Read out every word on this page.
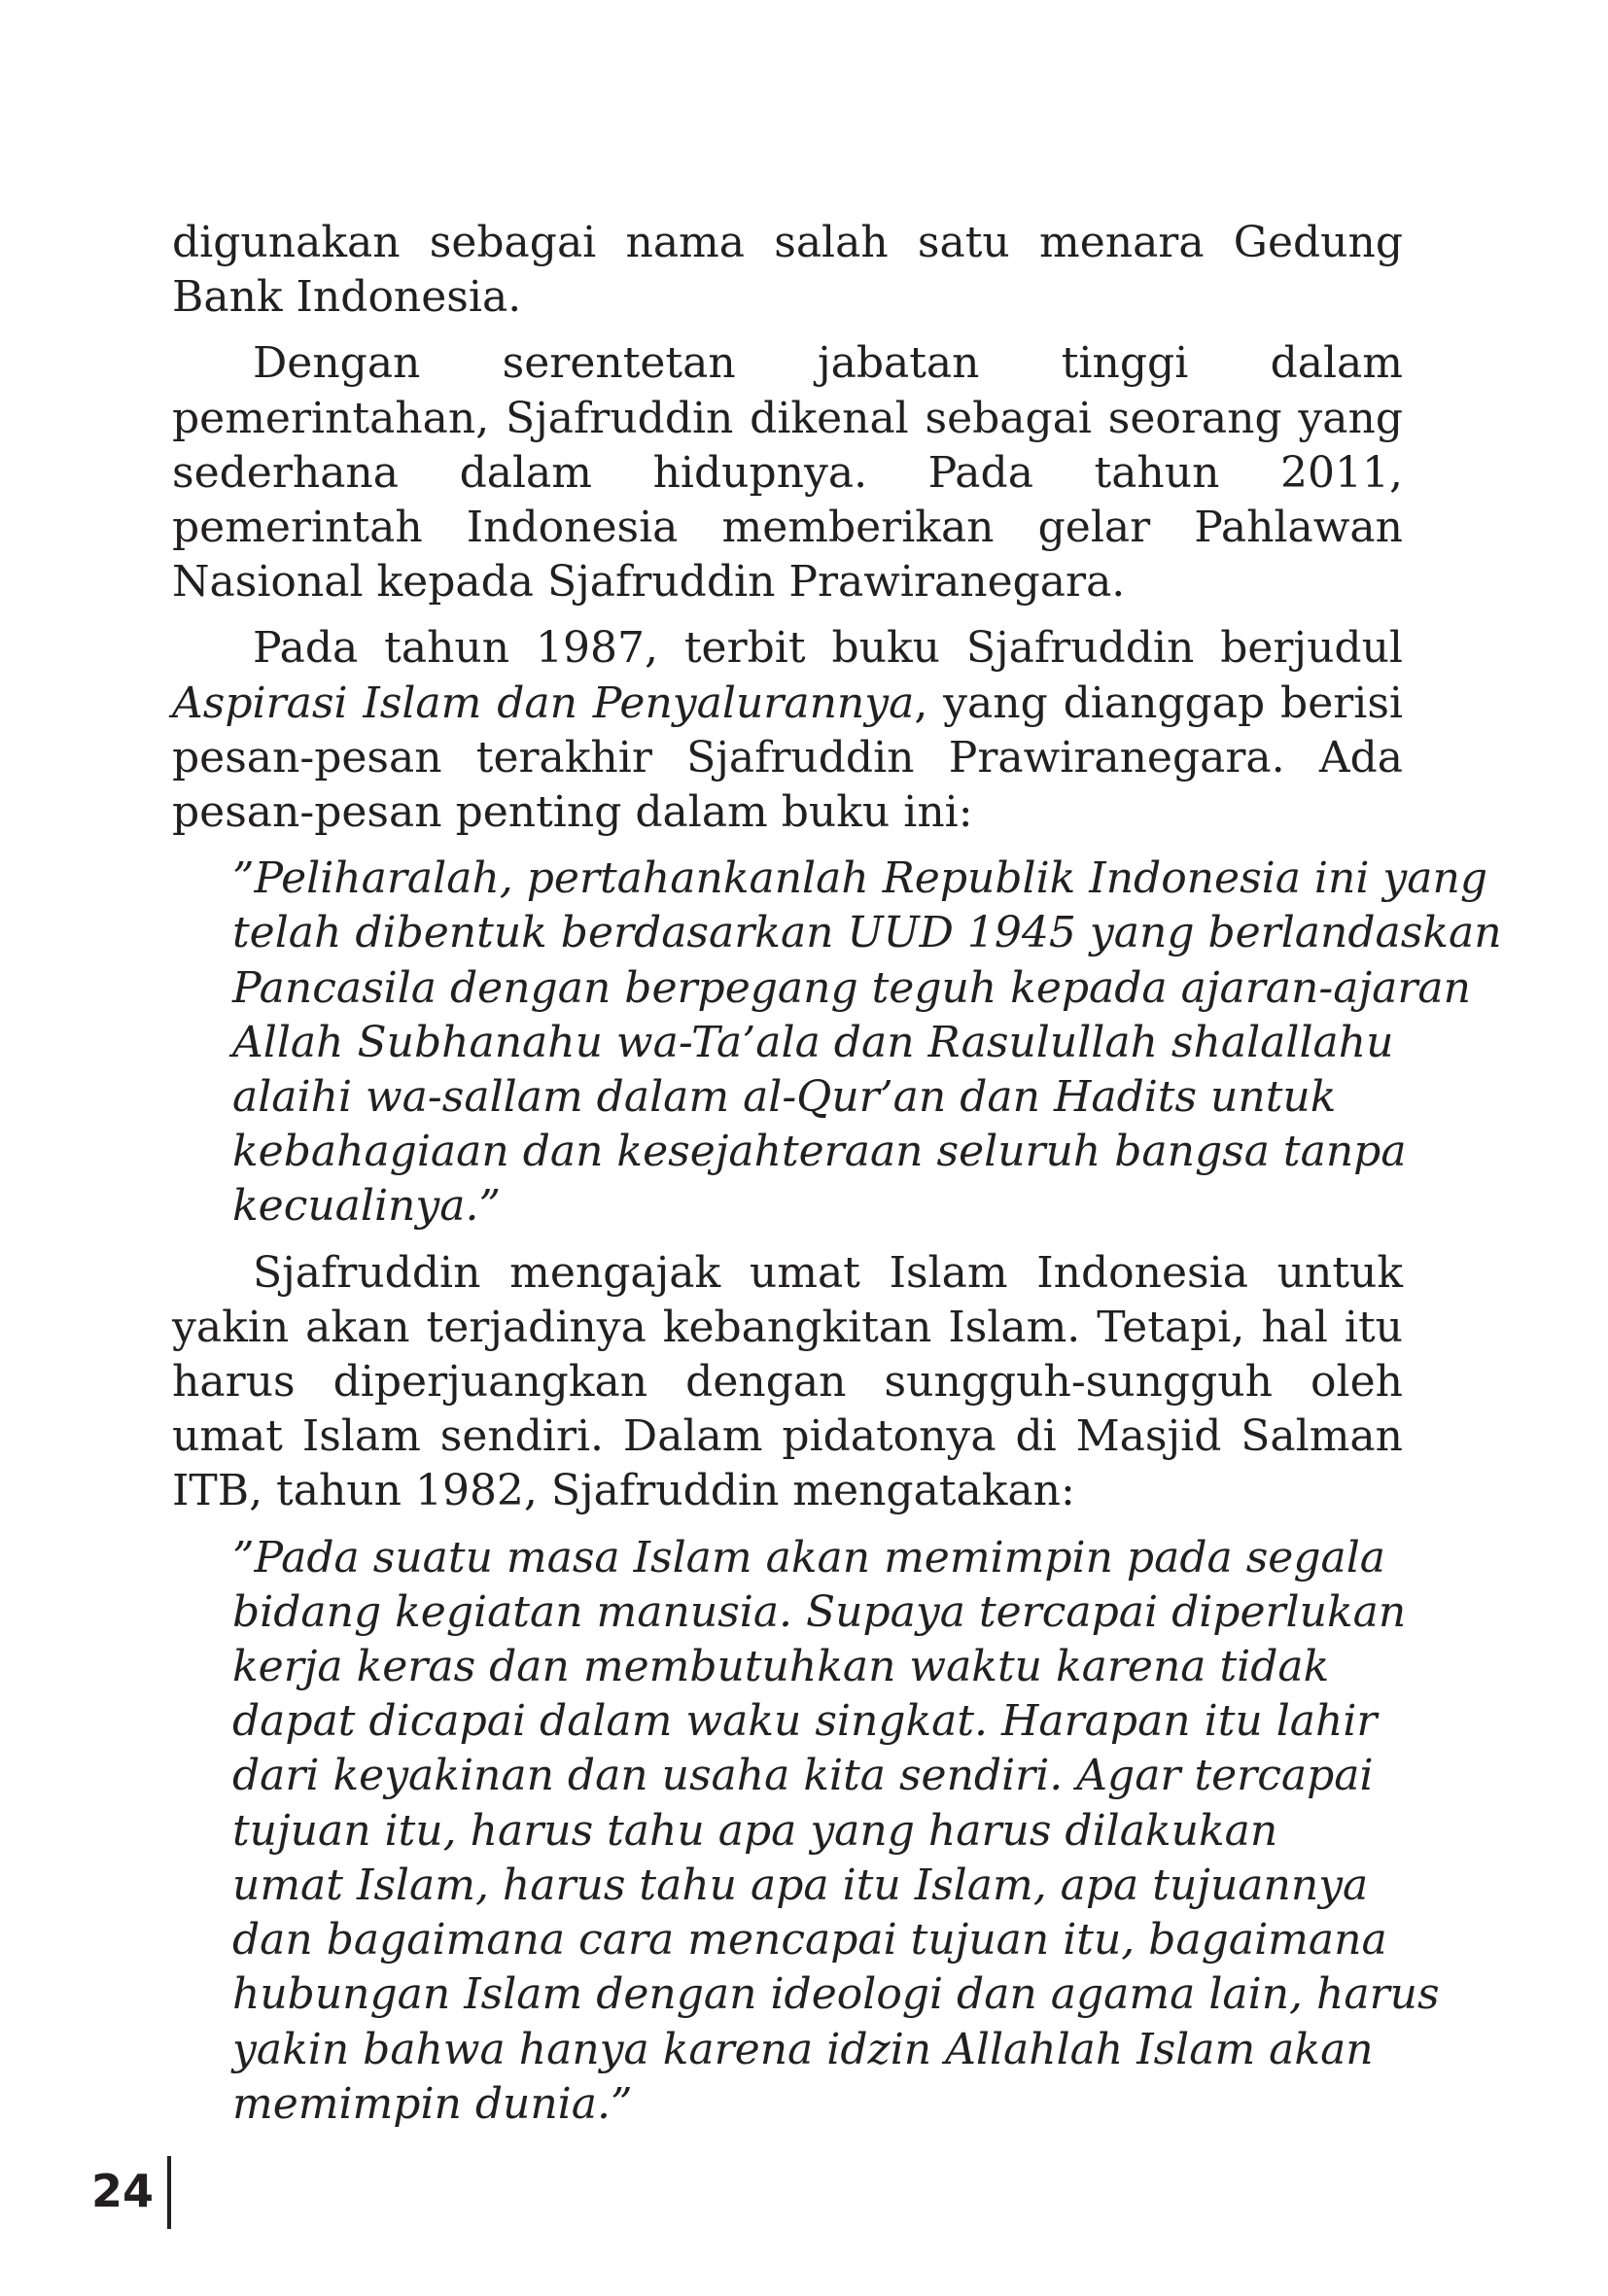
digunakan sebagai nama salah satu menara Gedung Bank Indonesia.

Dengan serentetan jabatan tinggi dalam pemerintahan, Sjafruddin dikenal sebagai seorang yang sederhana dalam hidupnya. Pada tahun 2011, pemerintah Indonesia memberikan gelar Pahlawan Nasional kepada Sjafruddin Prawiranegara.

Pada tahun 1987, terbit buku Sjafruddin berjudul Aspirasi Islam dan Penyalurannya, yang dianggap berisi pesan-pesan terakhir Sjafruddin Prawiranegara. Ada pesan-pesan penting dalam buku ini:

”Peliharalah, pertahankanlah Republik Indonesia ini yang
telah dibentuk berdasarkan UUD 1945 yang berlandaskan
Pancasila dengan berpegang teguh kepada ajaran-ajaran
Allah Subhanahu wa-Ta’ala dan Rasulullah shalallahu
alaihi wa-sallam dalam al-Qur’an dan Hadits untuk
kebahagiaan dan kesejahteraan seluruh bangsa tanpa
kecualinya.”

Sjafruddin mengajak umat Islam Indonesia untuk yakin akan terjadinya kebangkitan Islam. Tetapi, hal itu harus diperjuangkan dengan sungguh-sungguh oleh umat Islam sendiri. Dalam pidatonya di Masjid Salman ITB, tahun 1982, Sjafruddin mengatakan:

”Pada suatu masa Islam akan memimpin pada segala
bidang kegiatan manusia. Supaya tercapai diperlukan
kerja keras dan membutuhkan waktu karena tidak
dapat dicapai dalam waku singkat. Harapan itu lahir
dari keyakinan dan usaha kita sendiri. Agar tercapai
tujuan itu, harus tahu apa yang harus dilakukan
umat Islam, harus tahu apa itu Islam, apa tujuannya
dan bagaimana cara mencapai tujuan itu, bagaimana
hubungan Islam dengan ideologi dan agama lain, harus
yakin bahwa hanya karena idzin Allahlah Islam akan
memimpin dunia.”
24
